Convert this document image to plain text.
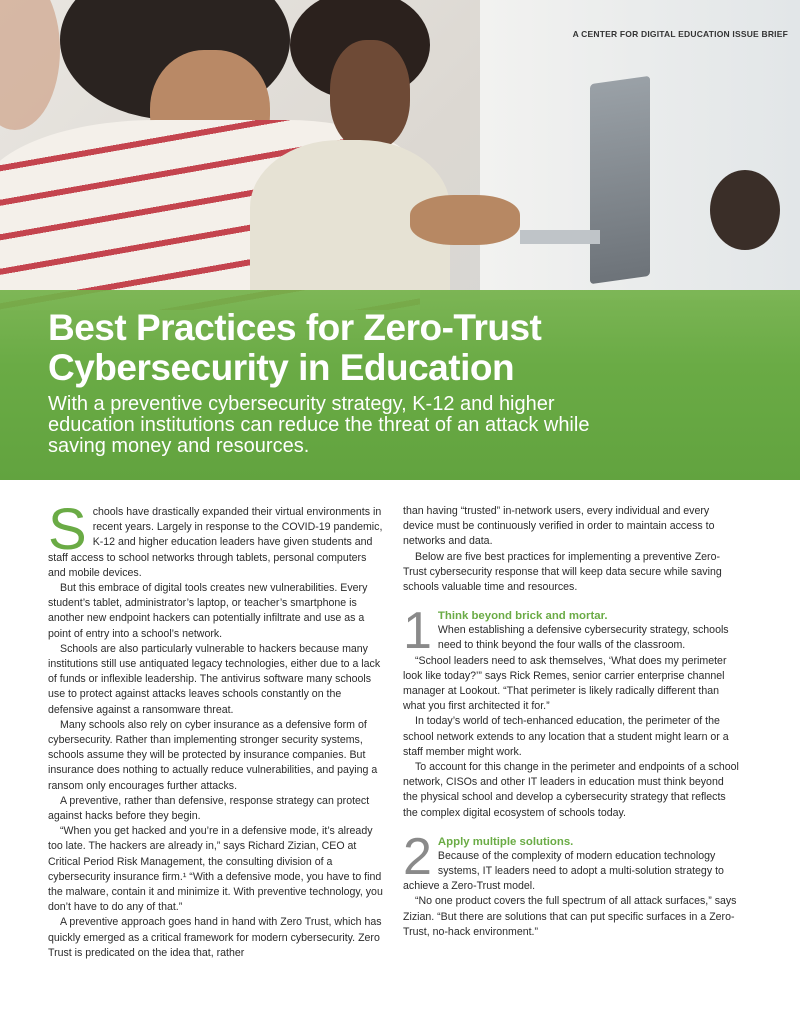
A CENTER FOR DIGITAL EDUCATION ISSUE BRIEF
Best Practices for Zero-Trust
Cybersecurity in Education

With a preventive cybersecurity strategy, K-12 and higher
education institutions can reduce the threat of an attack while
saving money and resources.

Schools have drastically expanded their virtual environments in recent years. Largely in response to the COVID-19 pandemic, K-12 and higher education leaders have given students and staff access to school networks through tablets, personal computers and mobile devices.

But this embrace of digital tools creates new vulnerabilities. Every student’s tablet, administrator’s laptop, or teacher’s smartphone is another new endpoint hackers can potentially infiltrate and use as a point of entry into a school’s network.

Schools are also particularly vulnerable to hackers because many institutions still use antiquated legacy technologies, either due to a lack of funds or inflexible leadership. The antivirus software many schools use to protect against attacks leaves schools constantly on the defensive against a ransomware threat.

Many schools also rely on cyber insurance as a defensive form of cybersecurity. Rather than implementing stronger security systems, schools assume they will be protected by insurance companies. But insurance does nothing to actually reduce vulnerabilities, and paying a ransom only encourages further attacks.

A preventive, rather than defensive, response strategy can protect against hacks before they begin.

“When you get hacked and you’re in a defensive mode, it’s already too late. The hackers are already in,” says Richard Zizian, CEO at Critical Period Risk Management, the consulting division of a cybersecurity insurance firm.¹ “With a defensive mode, you have to find the malware, contain it and minimize it. With preventive technology, you don’t have to do any of that.”

A preventive approach goes hand in hand with Zero Trust, which has quickly emerged as a critical framework for modern cybersecurity. Zero Trust is predicated on the idea that, rather

than having “trusted” in-network users, every individual and every device must be continuously verified in order to maintain access to networks and data.

Below are five best practices for implementing a preventive Zero-Trust cybersecurity response that will keep data secure while saving schools valuable time and resources.

1 Think beyond brick and mortar.

When establishing a defensive cybersecurity strategy, schools need to think beyond the four walls of the classroom.

“School leaders need to ask themselves, ‘What does my perimeter look like today?’” says Rick Remes, senior carrier enterprise channel manager at Lookout. “That perimeter is likely radically different than what you first architected it for.”

In today’s world of tech-enhanced education, the perimeter of the school network extends to any location that a student might learn or a staff member might work.

To account for this change in the perimeter and endpoints of a school network, CISOs and other IT leaders in education must think beyond the physical school and develop a cybersecurity strategy that reflects the complex digital ecosystem of schools today.

2 Apply multiple solutions.

Because of the complexity of modern education technology systems, IT leaders need to adopt a multi-solution strategy to achieve a Zero-Trust model.

“No one product covers the full spectrum of all attack surfaces,” says Zizian. “But there are solutions that can put specific surfaces in a Zero-Trust, no-hack environment.”
